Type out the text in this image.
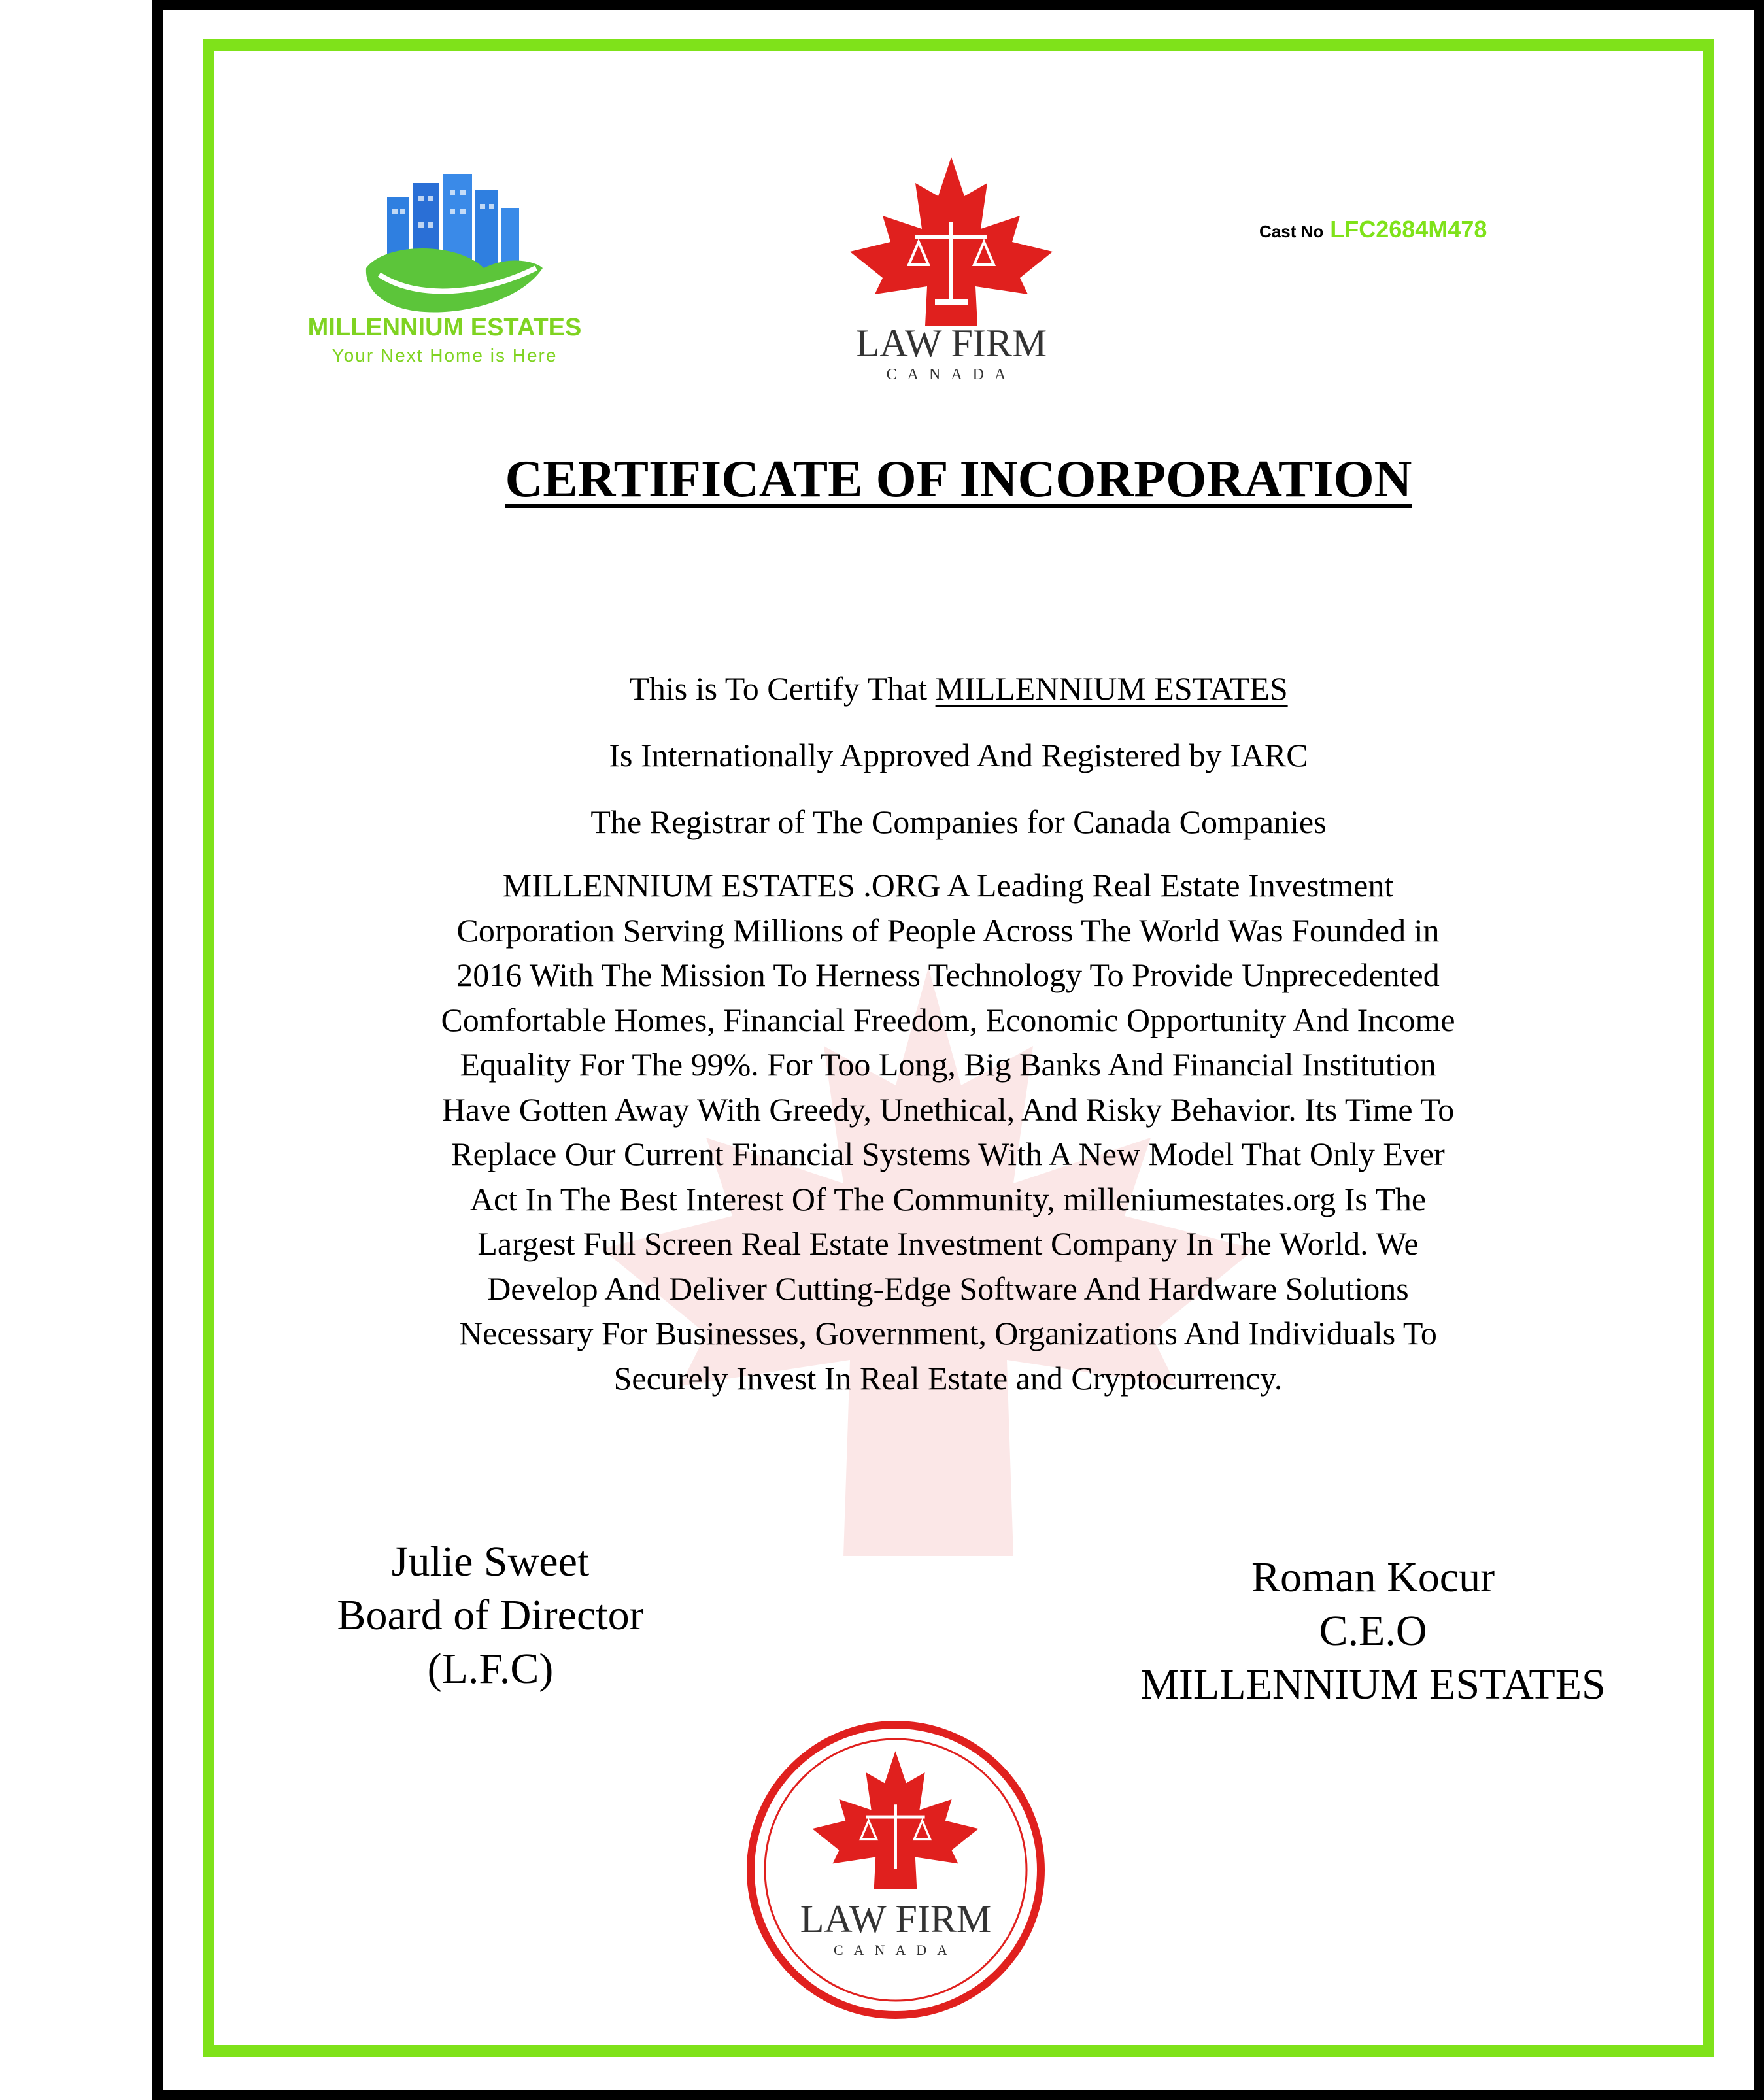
MILLENNIUM ESTATES
Your Next Home is Here	LAW FIRM
CANADA
Cast No LFC2684M478
CERTIFICATE OF INCORPORATION
This is To Certify That MILLENNIUM ESTATES
Is Internationally Approved And Registered by IARC
The Registrar of The Companies for Canada Companies
MILLENNIUM ESTATES .ORG A Leading Real Estate Investment
Corporation Serving Millions of People Across The World Was Founded in
2016 With The Mission To Herness Technology To Provide Unprecedented
Comfortable Homes, Financial Freedom, Economic Opportunity And Income
Equality For The 99%. For Too Long, Big Banks And Financial Institution
Have Gotten Away With Greedy, Unethical, And Risky Behavior. Its Time To
Replace Our Current Financial Systems With A New Model That Only Ever
Act In The Best Interest Of The Community, milleniumestates.org Is The
Largest Full Screen Real Estate Investment Company In The World. We
Develop And Deliver Cutting-Edge Software And Hardware Solutions
Necessary For Businesses, Government, Organizations And Individuals To
Securely Invest In Real Estate and Cryptocurrency.
Julie Sweet
Board of Director
(L.F.C)
Roman Kocur
C.E.O
MILLENNIUM ESTATES
LAW FIRM
CANADA
